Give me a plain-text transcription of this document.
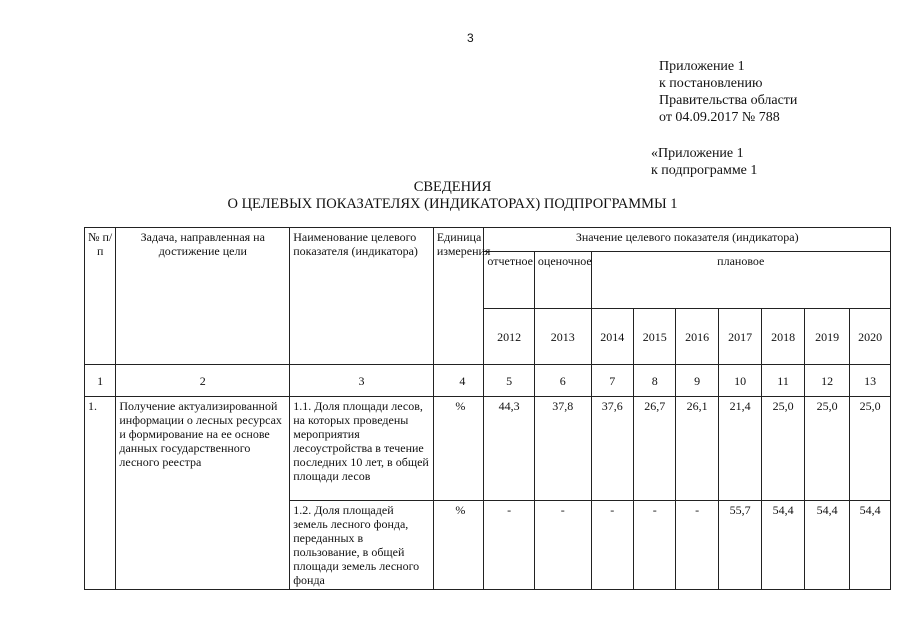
3
Приложение 1
к постановлению
Правительства области
от 04.09.2017 № 788
«Приложение 1
к подпрограмме 1
СВЕДЕНИЯ
О ЦЕЛЕВЫХ ПОКАЗАТЕЛЯХ (ИНДИКАТОРАХ) ПОДПРОГРАММЫ 1
№ п/п	Задача, направленная на достижение цели	Наименование целевого показателя (индикатора)	Единица измерения	Значение целевого показателя (индикатора)								
				отчетное	оценочное	плановое						
				2012	2013	2014	2015	2016	2017	2018	2019	2020
1	2	3	4	5	6	7	8	9	10	11	12	13
1.	Получение актуализированной информации о лесных ресурсах и формирование на ее основе данных государственного лесного реестра	1.1. Доля площади лесов, на которых проведены мероприятия лесоустройства в течение последних 10 лет, в общей площади лесов	%	44,3	37,8	37,6	26,7	26,1	21,4	25,0	25,0	25,0
		1.2. Доля площадей земель лесного фонда, переданных в пользование, в общей площади земель лесного фонда	%	-	-	-	-	-	55,7	54,4	54,4	54,4
